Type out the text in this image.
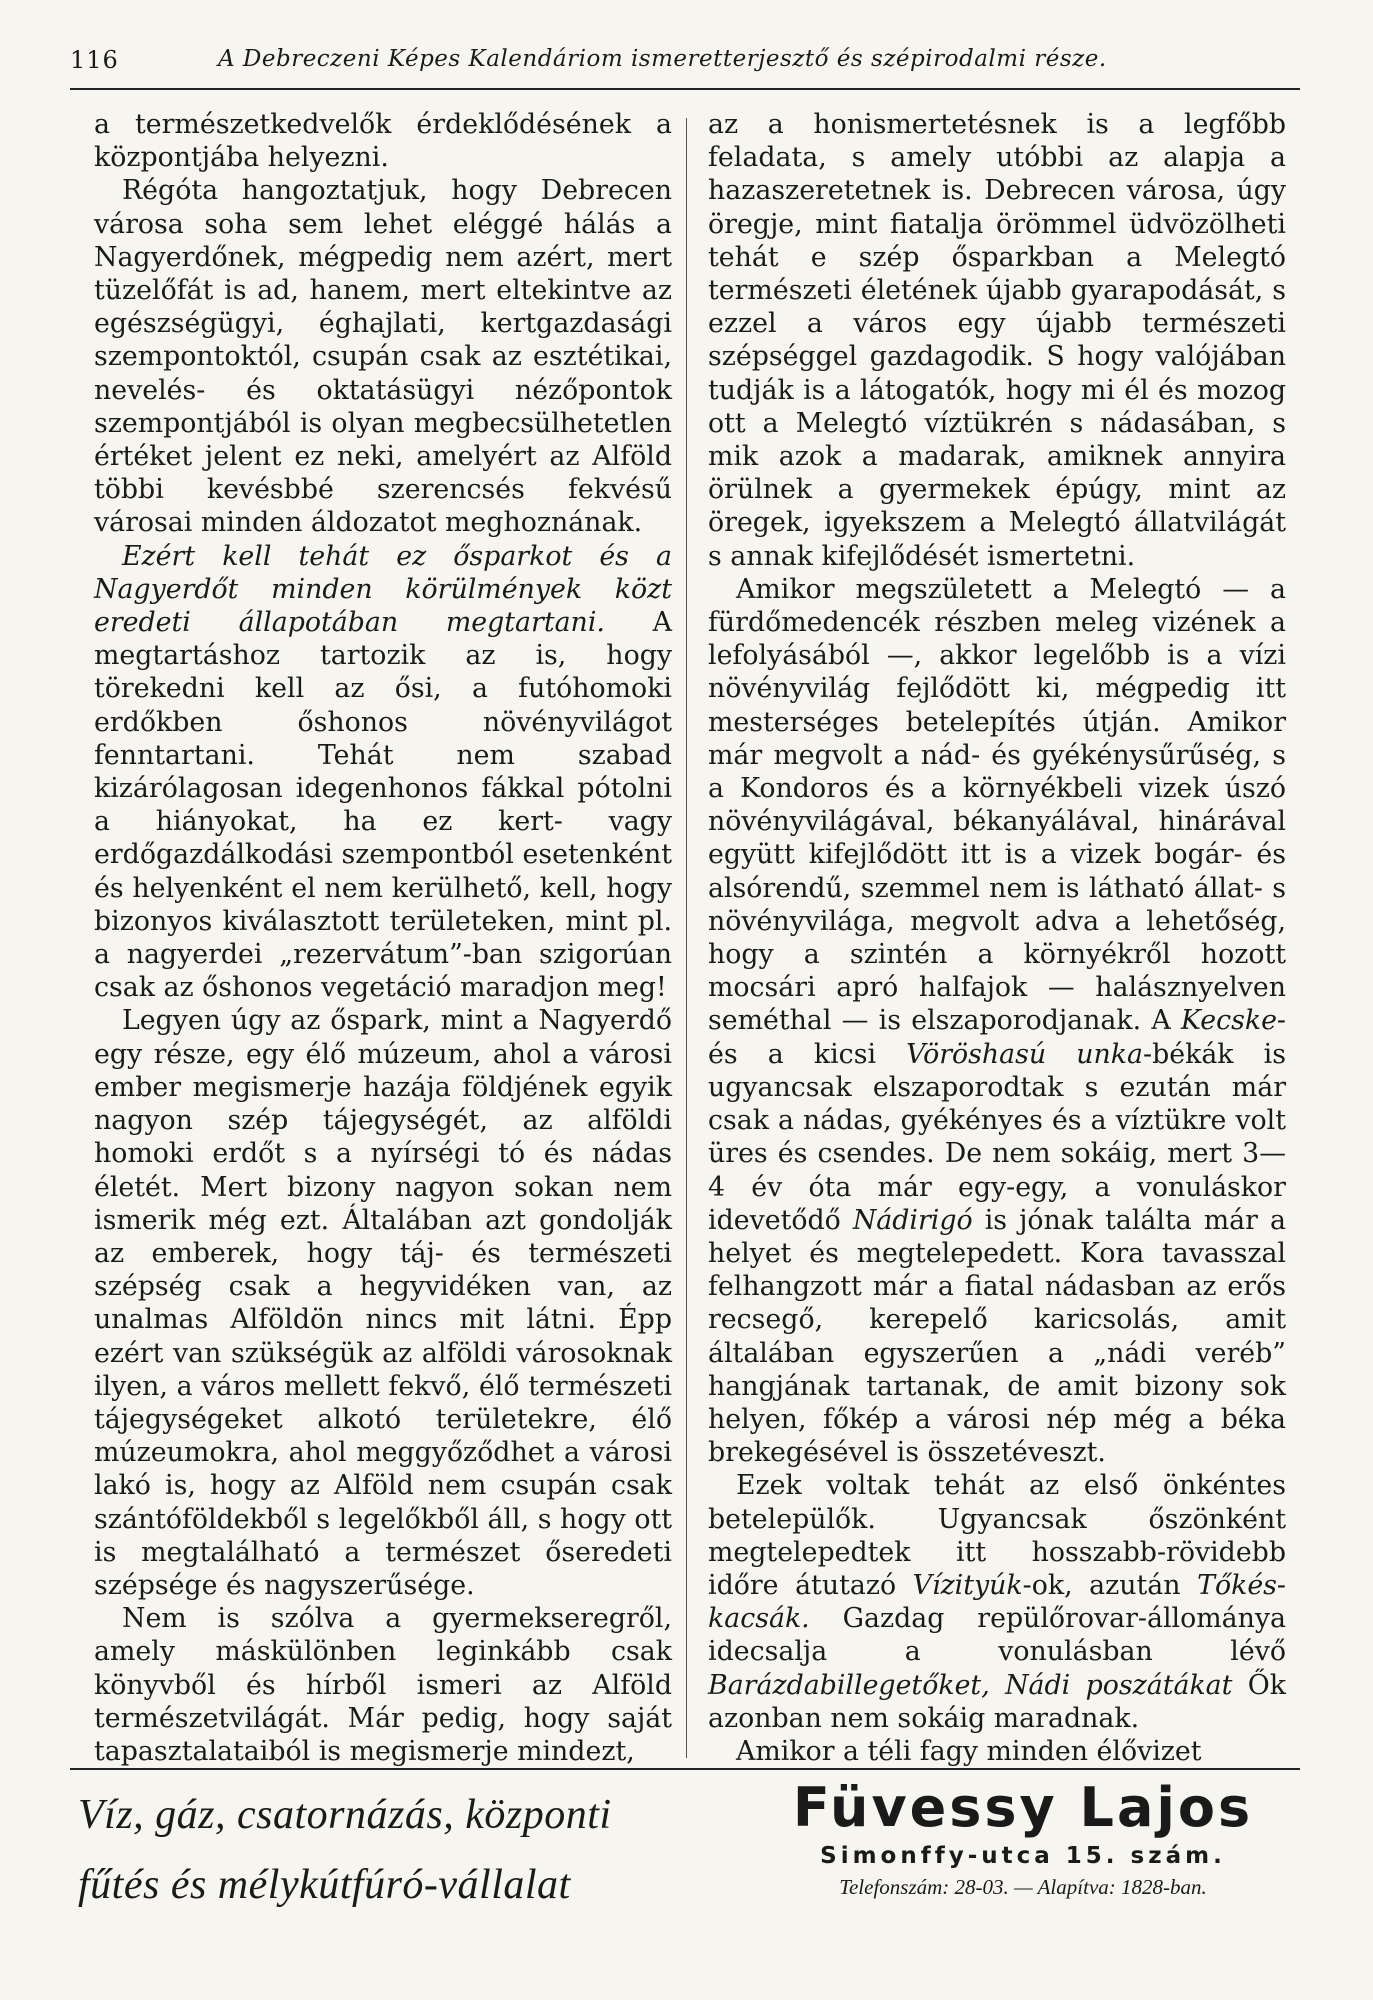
116	A Debreczeni Képes Kalendáriom ismeretterjesztő és szépirodalmi része.

a természetkedvelők érdeklődésének a központjába helyezni.

Régóta hangoztatjuk, hogy Debrecen városa soha sem lehet eléggé hálás a Nagyerdőnek, mégpedig nem azért, mert tüzelőfát is ad, hanem, mert eltekintve az egészségügyi, éghajlati, kertgazdasági szempontoktól, csupán csak az esztétikai, nevelés- és oktatásügyi nézőpontok szempontjából is olyan megbecsülhetetlen értéket jelent ez neki, amelyért az Alföld többi kevésbbé szerencsés fekvésű városai minden áldozatot meghoznának.

Ezért kell tehát ez ősparkot és a Nagyerdőt minden körülmények közt eredeti állapotában megtartani. A megtartáshoz tartozik az is, hogy törekedni kell az ősi, a futóhomoki erdőkben őshonos növényvilágot fenntartani. Tehát nem szabad kizárólagosan idegenhonos fákkal pótolni a hiányokat, ha ez kert- vagy erdőgazdálkodási szempontból esetenként és helyenként el nem kerülhető, kell, hogy bizonyos kiválasztott területeken, mint pl. a nagyerdei „rezervátum”-ban szigorúan csak az őshonos vegetáció maradjon meg!

Legyen úgy az őspark, mint a Nagyerdő egy része, egy élő múzeum, ahol a városi ember megismerje hazája földjének egyik nagyon szép tájegységét, az alföldi homoki erdőt s a nyírségi tó és nádas életét. Mert bizony nagyon sokan nem ismerik még ezt. Általában azt gondolják az emberek, hogy táj- és természeti szépség csak a hegyvidéken van, az unalmas Alföldön nincs mit látni. Épp ezért van szükségük az alföldi városoknak ilyen, a város mellett fekvő, élő természeti tájegységeket alkotó területekre, élő múzeumokra, ahol meggyőződhet a városi lakó is, hogy az Alföld nem csupán csak szántóföldekből s legelőkből áll, s hogy ott is megtalálható a természet őseredeti szépsége és nagyszerűsége.

Nem is szólva a gyermekseregről, amely máskülönben leginkább csak könyvből és hírből ismeri az Alföld természetvilágát. Már pedig, hogy saját tapasztalataiból is megismerje mindezt,

az a honismertetésnek is a legfőbb feladata, s amely utóbbi az alapja a hazaszeretetnek is. Debrecen városa, úgy öregje, mint fiatalja örömmel üdvözölheti tehát e szép ősparkban a Melegtó természeti életének újabb gyarapodását, s ezzel a város egy újabb természeti szépséggel gazdagodik. S hogy valójában tudják is a látogatók, hogy mi él és mozog ott a Melegtó víztükrén s nádasában, s mik azok a madarak, amiknek annyira örülnek a gyermekek épúgy, mint az öregek, igyekszem a Melegtó állatvilágát s annak kifejlődését ismertetni.

Amikor megszületett a Melegtó — a fürdőmedencék részben meleg vizének a lefolyásából —, akkor legelőbb is a vízi növényvilág fejlődött ki, mégpedig itt mesterséges betelepítés útján. Amikor már megvolt a nád- és gyékénysűrűség, s a Kondoros és a környékbeli vizek úszó növényvilágával, békanyálával, hinárával együtt kifejlődött itt is a vizek bogár- és alsórendű, szemmel nem is látható állat- s növényvilága, megvolt adva a lehetőség, hogy a szintén a környékről hozott mocsári apró halfajok — halásznyelven seméthal — is elszaporodjanak. A Kecske- és a kicsi Vöröshasú unka-békák is ugyancsak elszaporodtak s ezután már csak a nádas, gyékényes és a víztükre volt üres és csendes. De nem sokáig, mert 3—4 év óta már egy-egy, a vonuláskor idevetődő Nádirigó is jónak találta már a helyet és megtelepedett. Kora tavasszal felhangzott már a fiatal nádasban az erős recsegő, kerepelő karicsolás, amit általában egyszerűen a „nádi veréb” hangjának tartanak, de amit bizony sok helyen, főkép a városi nép még a béka brekegésével is összetéveszt.

Ezek voltak tehát az első önkéntes betelepülők. Ugyancsak őszönként megtelepedtek itt hosszabb-rövidebb időre átutazó Vízityúk-ok, azután Tőkés-kacsák. Gazdag repülőrovar-állománya idecsalja a vonulásban lévő Barázdabillegetőket, Nádi poszátákat Ők azonban nem sokáig maradnak.

Amikor a téli fagy minden élővizet

Víz, gáz, csatornázás, központi
fűtés és mélykútfúró-vállalat
Füvessy Lajos
Simonffy-utca 15. szám.
Telefonszám: 28-03. — Alapítva: 1828-ban.
